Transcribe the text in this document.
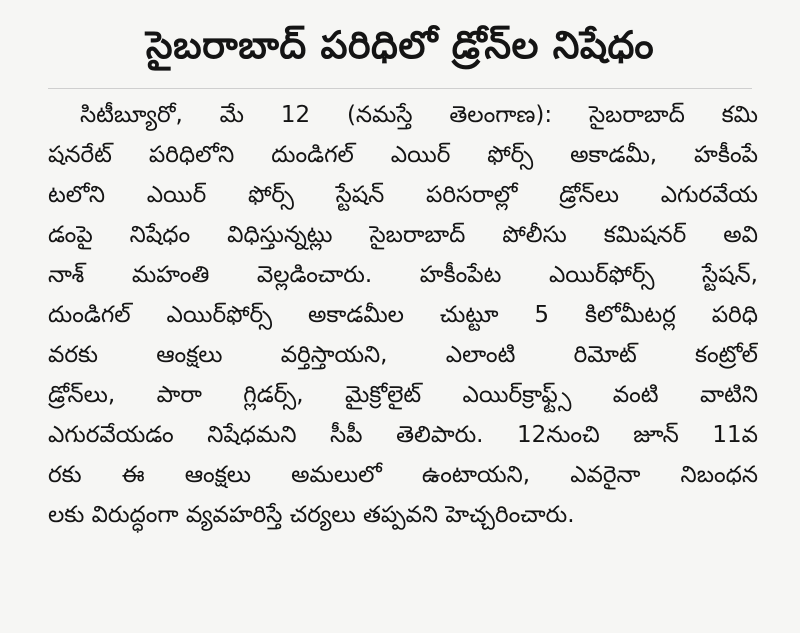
సైబరాబాద్ పరిధిలో డ్రోన్‌ల నిషేధం
సిటీబ్యూరో, మే 12 (నమస్తే తెలంగాణ): సైబరాబాద్ కమి
షనరేట్ పరిధిలోని దుండిగల్ ఎయిర్ ఫోర్స్ అకాడమీ, హకీంపే
టలోని ఎయిర్ ఫోర్స్ స్టేషన్ పరిసరాల్లో డ్రోన్‌లు ఎగురవేయ
డంపై నిషేధం విధిస్తున్నట్లు సైబరాబాద్ పోలీసు కమిషనర్ అవి
నాశ్ మహంతి వెల్లడించారు. హకీంపేట ఎయిర్‌ఫోర్స్ స్టేషన్,
దుండిగల్ ఎయిర్‌ఫోర్స్ అకాడమీల చుట్టూ 5 కిలోమీటర్ల పరిధి
వరకు ఆంక్షలు వర్తిస్తాయని, ఎలాంటి రిమోట్ కంట్రోల్
డ్రోన్‌లు, పారా గ్లిడర్స్, మైక్రోలైట్ ఎయిర్‌క్రాఫ్ట్స్ వంటి వాటిని
ఎగురవేయడం నిషేధమని సీపీ తెలిపారు. 12నుంచి జూన్ 11వ
రకు ఈ ఆంక్షలు అమలులో ఉంటాయని, ఎవరైనా నిబంధన
లకు విరుద్ధంగా వ్యవహరిస్తే చర్యలు తప్పవని హెచ్చరించారు.
